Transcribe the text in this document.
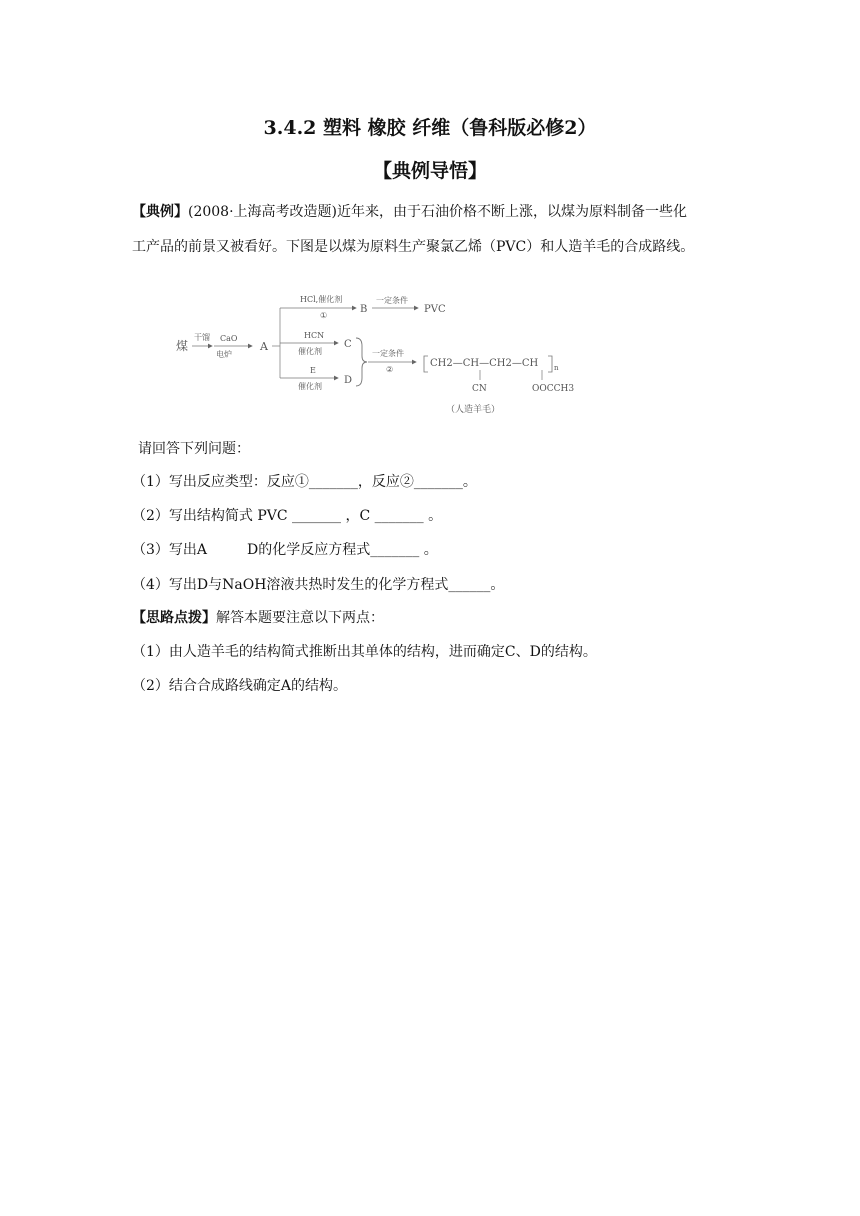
3.4.2 塑料 橡胶 纤维（鲁科版必修2）
【典例导悟】
【典例】(2008·上海高考改造题)近年来，由于石油价格不断上涨，以煤为原料制备一些化
工产品的前景又被看好。下图是以煤为原料生产聚氯乙烯（PVC）和人造羊毛的合成路线。
煤
干馏 CaO
电炉
A
HCl,催化剂
①
B
一定条件
PVC
HCN
催化剂
C
E
催化剂
D
一定条件
②
CH2—CH—CH2—CH n
CN	OOCCH3
（人造羊毛）
请回答下列问题：
（1）写出反应类型：反应①_______，反应②_______。
（2）写出结构简式 PVC _______ ，C _______ 。
（3）写出A	D的化学反应方程式_______ 。
（4）写出D与NaOH溶液共热时发生的化学方程式______。
【思路点拨】解答本题要注意以下两点：
（1）由人造羊毛的结构简式推断出其单体的结构，进而确定C、D的结构。
（2）结合合成路线确定A的结构。
